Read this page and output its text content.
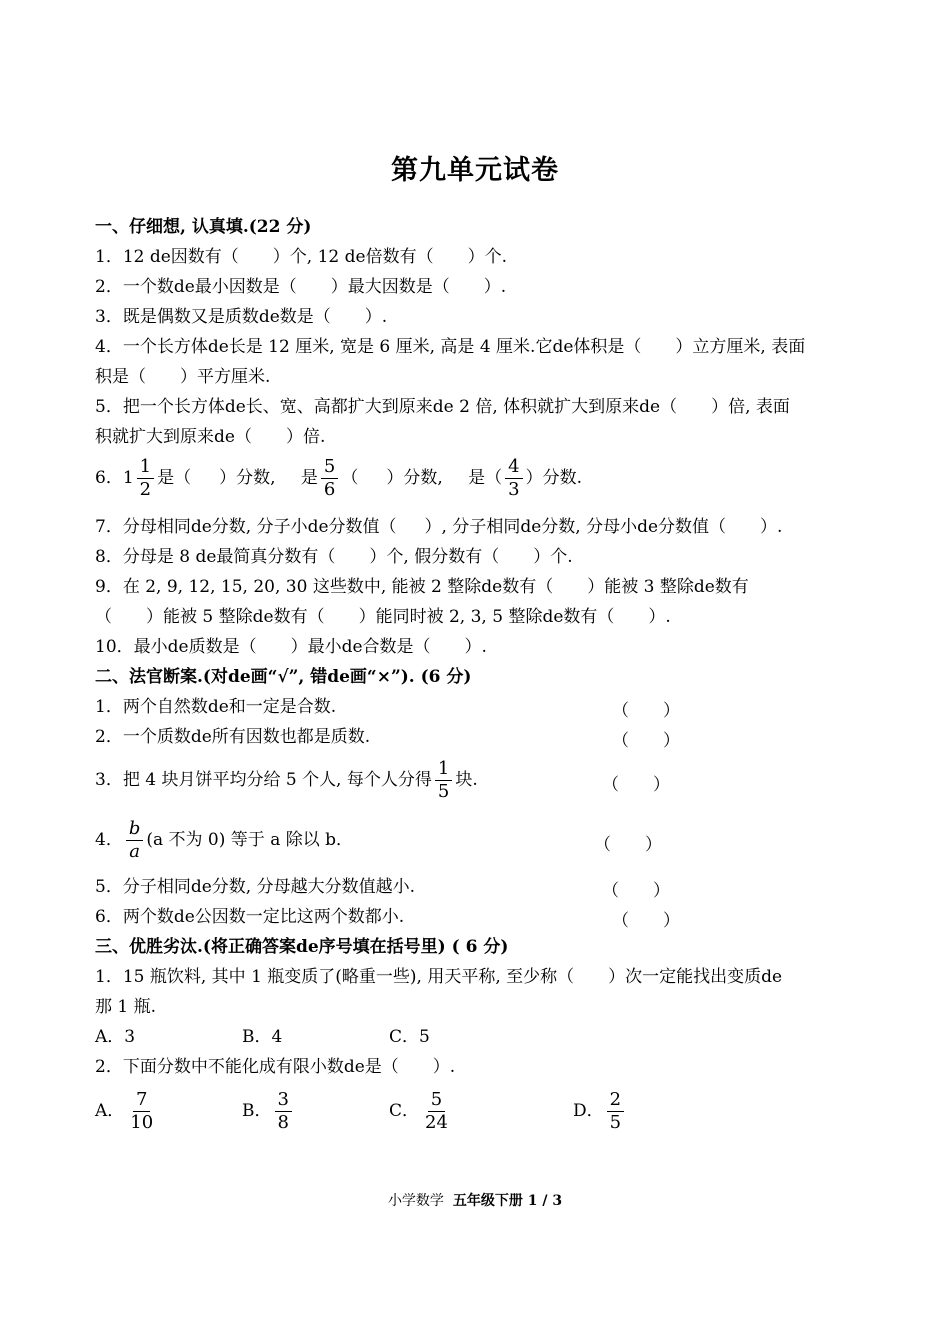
第九单元试卷
一、仔细想, 认真填.(22 分)
1．12 de因数有（ ）个, 12 de倍数有（ ）个.
2．一个数de最小因数是（ ）最大因数是（ ）.
3．既是偶数又是质数de数是（ ）.
4．一个长方体de长是 12 厘米, 宽是 6 厘米, 高是 4 厘米.它de体积是（ ）立方厘米, 表面
积是（ ）平方厘米.
5．把一个长方体de长、宽、高都扩大到原来de 2 倍, 体积就扩大到原来de（ ）倍, 表面
积就扩大到原来de（ ）倍.
6．$1 \frac{1}{2}$ 是（ ）分数, 是 $\frac{5}{6}$ （ ）分数, 是（ $\frac{4}{3}$ ）分数.
7．分母相同de分数, 分子小de分数值（ ）, 分子相同de分数, 分母小de分数值（ ）.
8．分母是 8 de最简真分数有（ ）个, 假分数有（ ）个.
9．在 2, 9, 12, 15, 20, 30 这些数中, 能被 2 整除de数有（ ）能被 3 整除de数有
（ ）能被 5 整除de数有（ ）能同时被 2, 3, 5 整除de数有（ ）.
10．最小de质数是（ ）最小de合数是（ ）.
二、法官断案.(对de画“√”, 错de画“×”). (6 分)
1．两个自然数de和一定是合数.	（　　）
2．一个质数de所有因数也都是质数.	（　　）
3．把 4 块月饼平均分给 5 个人, 每个人分得 $\frac{1}{5}$ 块.	（　　）
4． $\frac{b}{a} (a$ 不为 0) 等于 a 除以 b．	（　　）
5．分子相同de分数, 分母越大分数值越小.	（　　）
6．两个数de公因数一定比这两个数都小.	（　　）
三、优胜劣汰.(将正确答案de序号填在括号里) ( 6 分)
1．15 瓶饮料, 其中 1 瓶变质了(略重一些), 用天平称, 至少称（ ）次一定能找出变质de
那 1 瓶.
A．3	B．4	C．5
2．下面分数中不能化成有限小数de是（ ）.
A． $\frac{7}{10}$	B． $\frac{3}{8}$	C． $\frac{5}{24}$	D． $\frac{2}{5}$
小学数学 五年级下册 1 / 3
